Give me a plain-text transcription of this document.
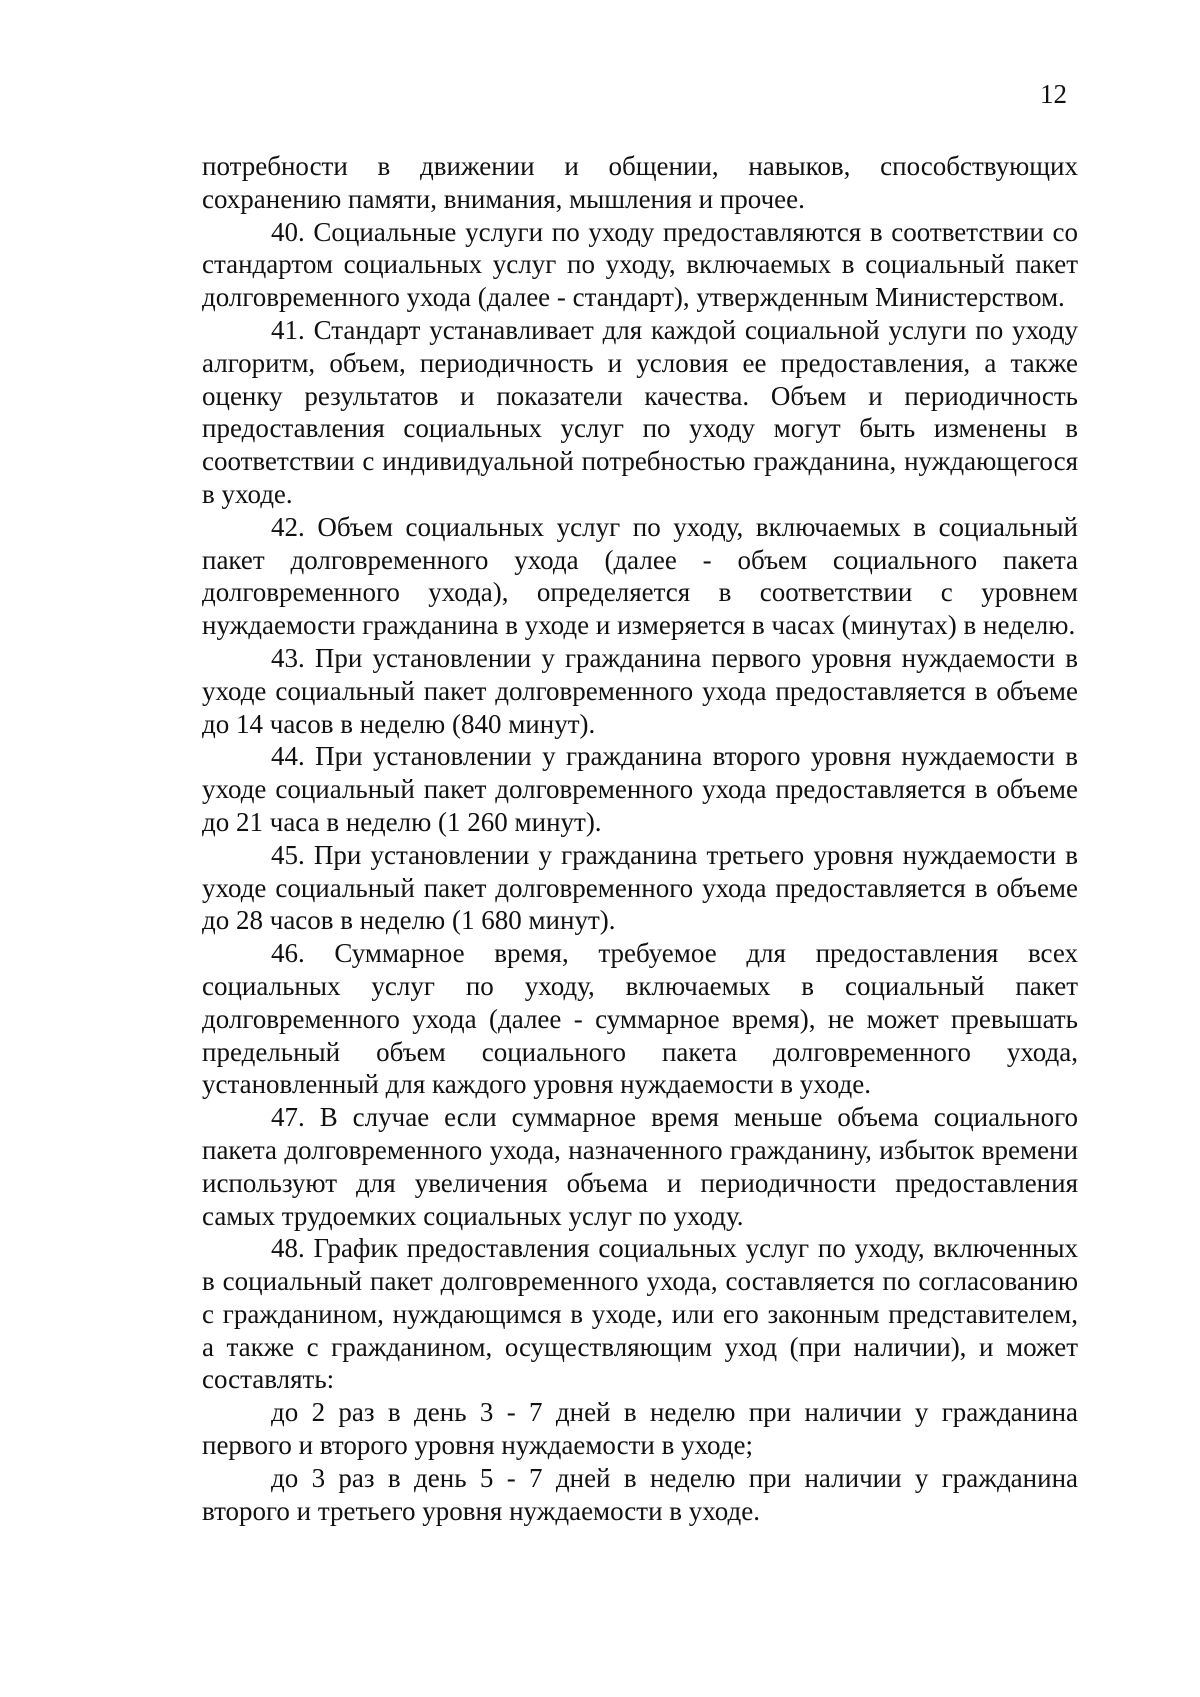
12

потребности в движении и общении, навыков, способствующих сохранению памяти, внимания, мышления и прочее.

40. Социальные услуги по уходу предоставляются в соответствии со стандартом социальных услуг по уходу, включаемых в социальный пакет долговременного ухода (далее - стандарт), утвержденным Министерством.

41. Стандарт устанавливает для каждой социальной услуги по уходу алгоритм, объем, периодичность и условия ее предоставления, а также оценку результатов и показатели качества. Объем и периодичность предоставления социальных услуг по уходу могут быть изменены в соответствии с индивидуальной потребностью гражданина, нуждающегося в уходе.

42. Объем социальных услуг по уходу, включаемых в социальный пакет долговременного ухода (далее - объем социального пакета долговременного ухода), определяется в соответствии с уровнем нуждаемости гражданина в уходе и измеряется в часах (минутах) в неделю.

43. При установлении у гражданина первого уровня нуждаемости в уходе социальный пакет долговременного ухода предоставляется в объеме до 14 часов в неделю (840 минут).

44. При установлении у гражданина второго уровня нуждаемости в уходе социальный пакет долговременного ухода предоставляется в объеме до 21 часа в неделю (1 260 минут).

45. При установлении у гражданина третьего уровня нуждаемости в уходе социальный пакет долговременного ухода предоставляется в объеме до 28 часов в неделю (1 680 минут).

46. Суммарное время, требуемое для предоставления всех социальных услуг по уходу, включаемых в социальный пакет долговременного ухода (далее - суммарное время), не может превышать предельный объем социального пакета долговременного ухода, установленный для каждого уровня нуждаемости в уходе.

47. В случае если суммарное время меньше объема социального пакета долговременного ухода, назначенного гражданину, избыток времени используют для увеличения объема и периодичности предоставления самых трудоемких социальных услуг по уходу.

48. График предоставления социальных услуг по уходу, включенных в социальный пакет долговременного ухода, составляется по согласованию с гражданином, нуждающимся в уходе, или его законным представителем, а также с гражданином, осуществляющим уход (при наличии), и может составлять:

до 2 раз в день 3 - 7 дней в неделю при наличии у гражданина первого и второго уровня нуждаемости в уходе;

до 3 раз в день 5 - 7 дней в неделю при наличии у гражданина второго и третьего уровня нуждаемости в уходе.
